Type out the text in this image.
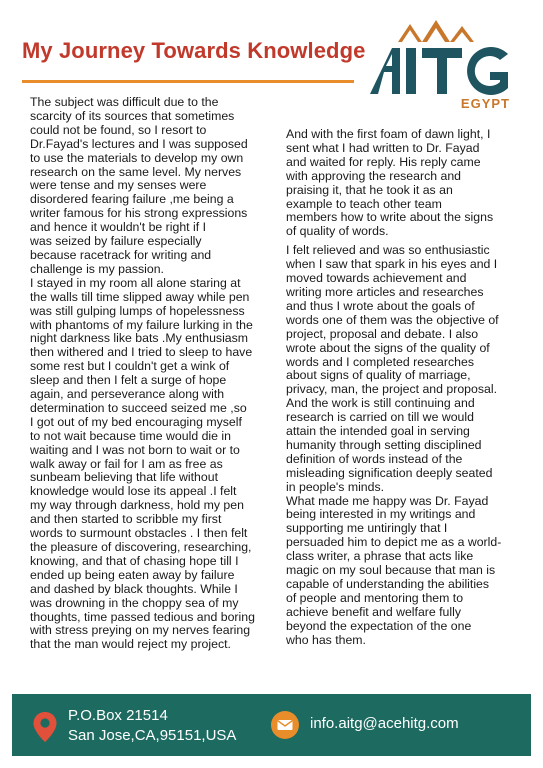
My Journey Towards Knowledge
EGYPT

The subject was difficult due to the
scarcity of its sources that sometimes
could not be found, so I resort to
Dr.Fayad's lectures and I was supposed
to use the materials to develop my own
research on the same level. My nerves
were tense and my senses were
disordered fearing failure ,me being a
writer famous for his strong expressions
and hence it wouldn't be right if I
was seized by failure especially
because racetrack for writing and
challenge is my passion.
I stayed in my room all alone staring at
the walls till time slipped away while pen
was still gulping lumps of hopelessness
with phantoms of my failure lurking in the
night darkness like bats .My enthusiasm
then withered and I tried to sleep to have
some rest but I couldn't get a wink of
sleep and then I felt a surge of hope
again, and perseverance along with
determination to succeed seized me ,so
I got out of my bed encouraging myself
to not wait because time would die in
waiting and I was not born to wait or to
walk away or fail for I am as free as
sunbeam believing that life without
knowledge would lose its appeal .I felt
my way through darkness, hold my pen
and then started to scribble my first
words to surmount obstacles . I then felt
the pleasure of discovering, researching,
knowing, and that of chasing hope till I
ended up being eaten away by failure
and dashed by black thoughts. While I
was drowning in the choppy sea of my
thoughts, time passed tedious and boring
with stress preying on my nerves fearing
that the man would reject my project.

And with the first foam of dawn light, I
sent what I had written to Dr. Fayad
and waited for reply. His reply came
with approving the research and
praising it, that he took it as an
example to teach other team
members how to write about the signs
of quality of words.

I felt relieved and was so enthusiastic
when I saw that spark in his eyes and I
moved towards achievement and
writing more articles and researches
and thus I wrote about the goals of
words one of them was the objective of
project, proposal and debate. I also
wrote about the signs of the quality of
words and I completed researches
about signs of quality of marriage,
privacy, man, the project and proposal.
And the work is still continuing and
research is carried on till we would
attain the intended goal in serving
humanity through setting disciplined
definition of words instead of the
misleading signification deeply seated
in people's minds.
What made me happy was Dr. Fayad
being interested in my writings and
supporting me untiringly that I
persuaded him to depict me as a world-
class writer, a phrase that acts like
magic on my soul because that man is
capable of understanding the abilities
of people and mentoring them to
achieve benefit and welfare fully
beyond the expectation of the one
who has them.

P.O.Box 21514
San Jose,CA,95151,USA
info.aitg@acehitg.com
